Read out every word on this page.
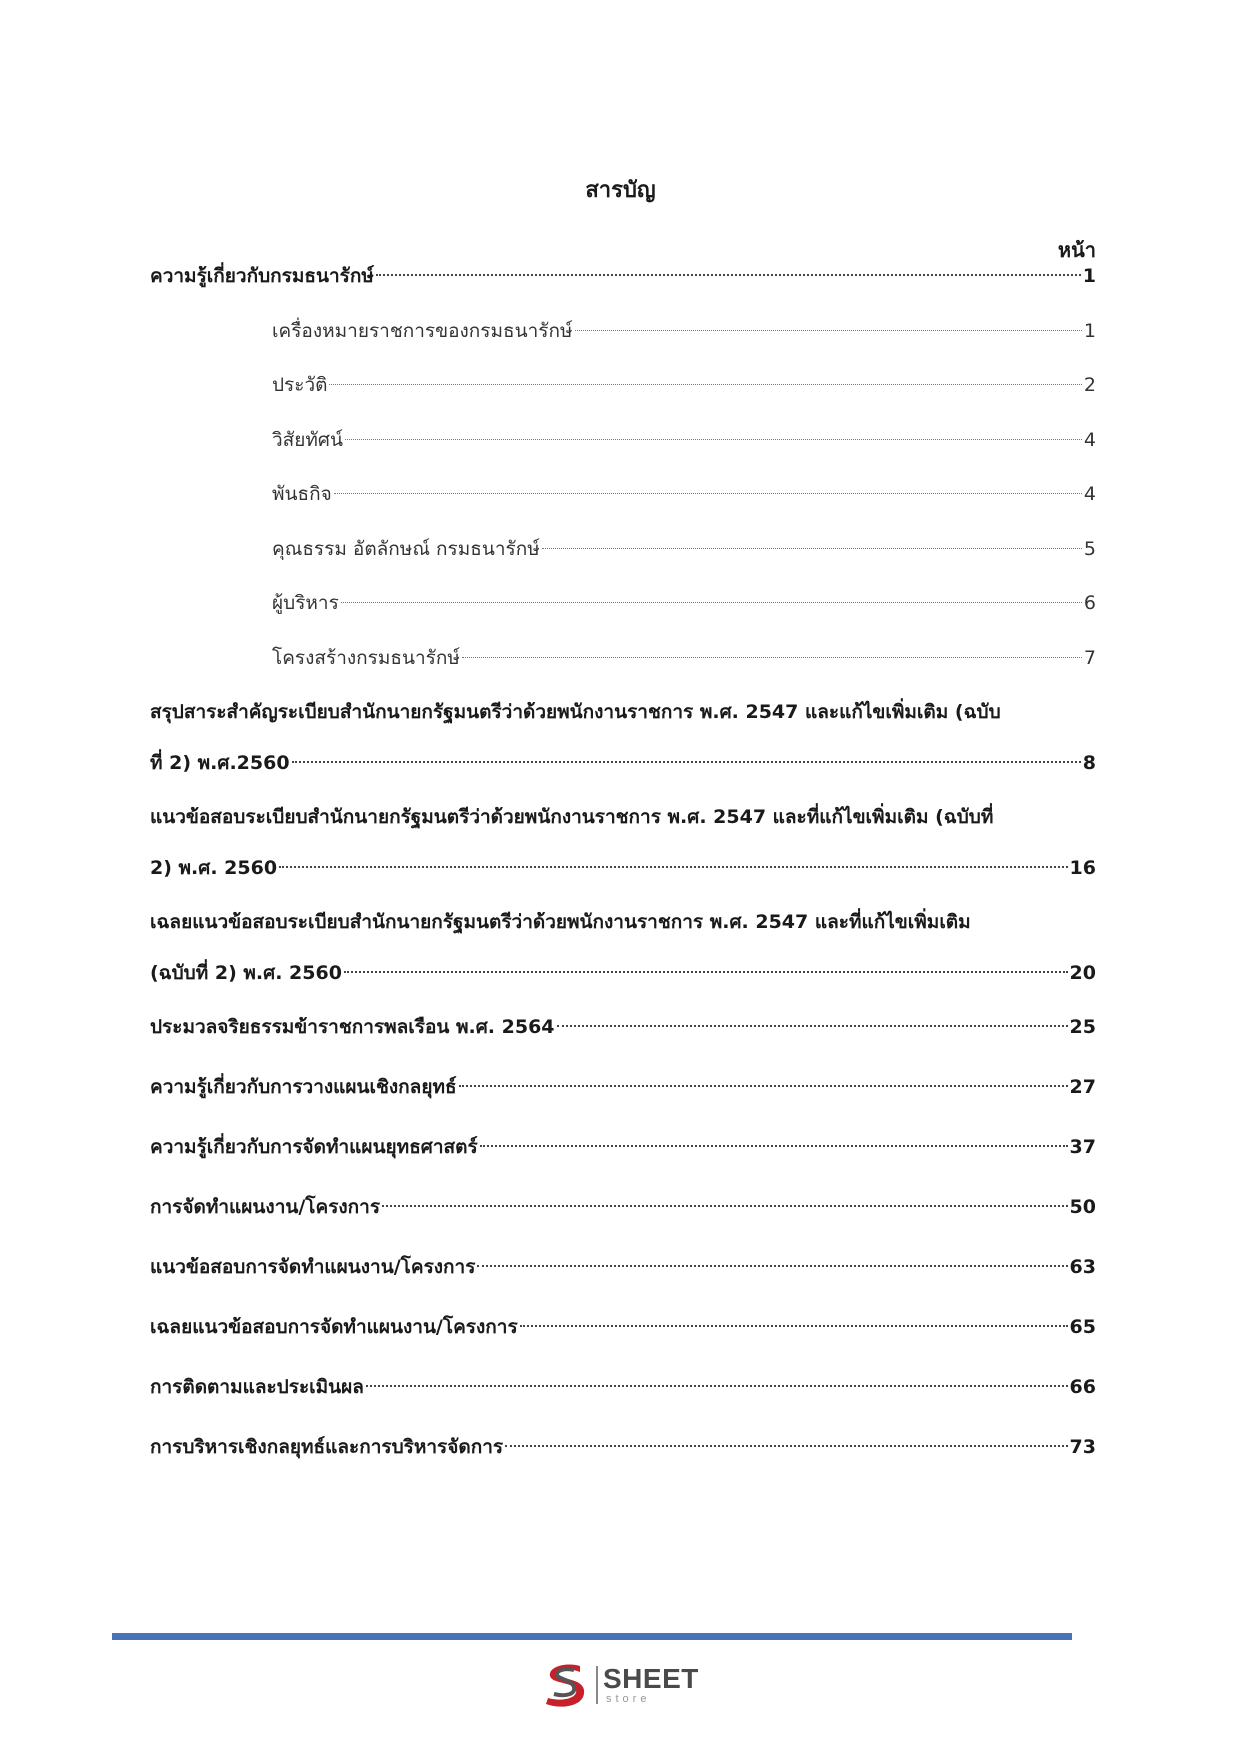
สารบัญ
หน้า
ความรู้เกี่ยวกับกรมธนารักษ์	1
เครื่องหมายราชการของกรมธนารักษ์	1
ประวัติ	2
วิสัยทัศน์	4
พันธกิจ	4
คุณธรรม อัตลักษณ์ กรมธนารักษ์	5
ผู้บริหาร	6
โครงสร้างกรมธนารักษ์	7
สรุปสาระสำคัญระเบียบสำนักนายกรัฐมนตรีว่าด้วยพนักงานราชการ พ.ศ. 2547 และแก้ไขเพิ่มเติม (ฉบับ
ที่ 2) พ.ศ.2560	8
แนวข้อสอบระเบียบสำนักนายกรัฐมนตรีว่าด้วยพนักงานราชการ พ.ศ. 2547 และที่แก้ไขเพิ่มเติม (ฉบับที่
2) พ.ศ. 2560	16
เฉลยแนวข้อสอบระเบียบสำนักนายกรัฐมนตรีว่าด้วยพนักงานราชการ พ.ศ. 2547 และที่แก้ไขเพิ่มเติม
(ฉบับที่ 2) พ.ศ. 2560	20
ประมวลจริยธรรมข้าราชการพลเรือน พ.ศ. 2564	25
ความรู้เกี่ยวกับการวางแผนเชิงกลยุทธ์	27
ความรู้เกี่ยวกับการจัดทำแผนยุทธศาสตร์	37
การจัดทำแผนงาน/โครงการ	50
แนวข้อสอบการจัดทำแผนงาน/โครงการ	63
เฉลยแนวข้อสอบการจัดทำแผนงาน/โครงการ	65
การติดตามและประเมินผล	66
การบริหารเชิงกลยุทธ์และการบริหารจัดการ	73
SHEET
store
